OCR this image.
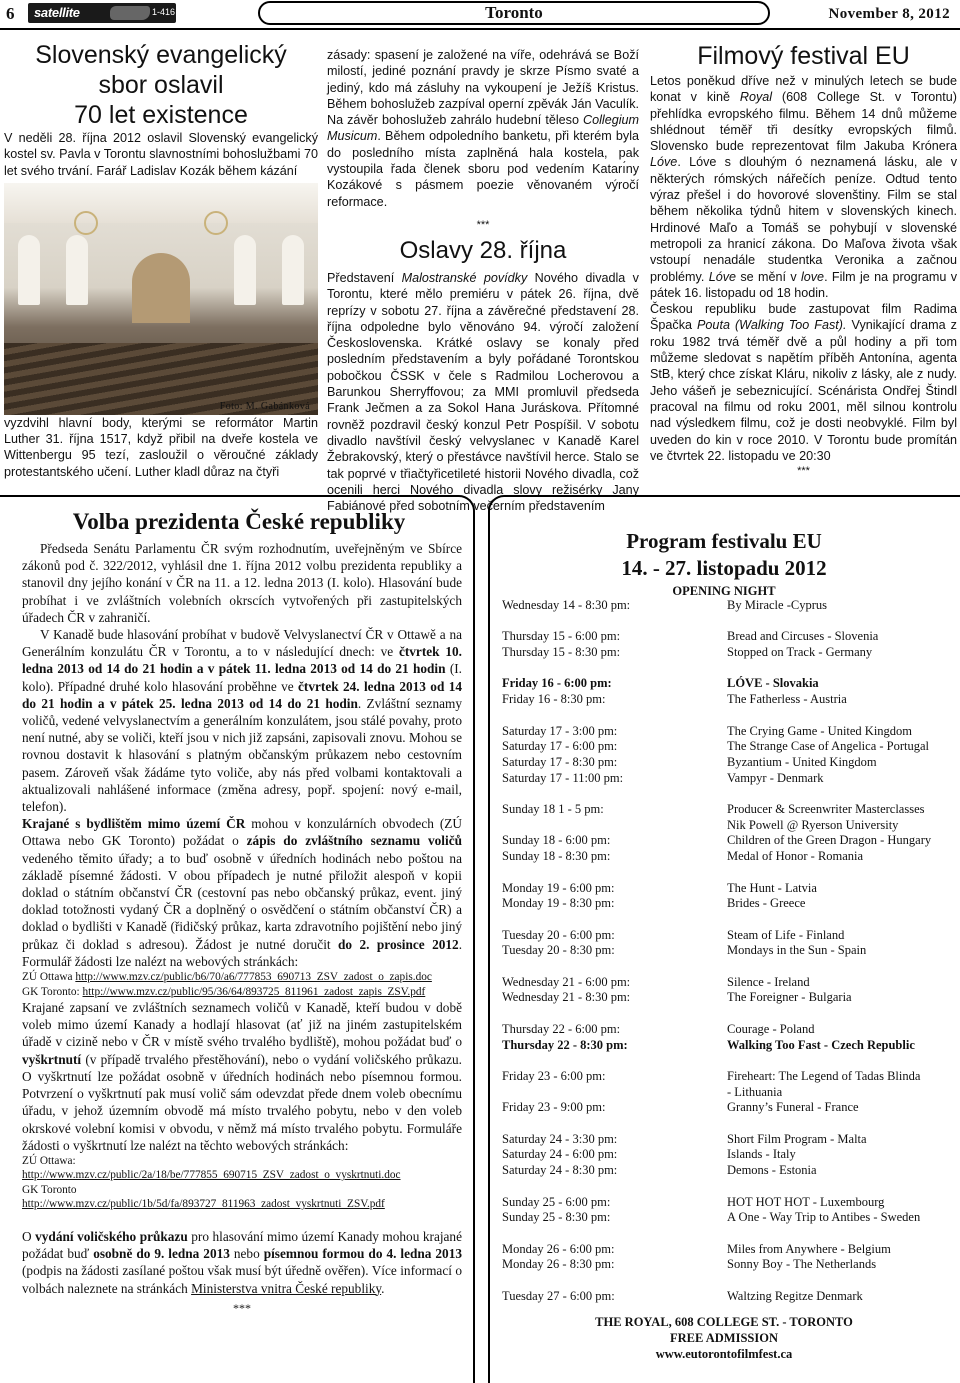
6 satellite	1-416	Toronto	November 8, 2012
Slovenský evangelický
sbor oslavil
70 let existence

V neděli 28. října 2012 oslavil Slovenský evangelický kostel sv. Pavla v Torontu slavnostními bohoslužbami 70 let svého trvání. Farář Ladislav Kozák během kázání

Foto: M. Gabánková

vyzdvihl hlavní body, kterými se reformátor Martin Luther 31. října 1517, když přibil na dveře kostela ve Wittenbergu 95 tezí, zasloužil o věroučné základy protestantského učení. Luther kladl důraz na čtyři

zásady: spasení je založené na víře, odehrává se Boží milostí, jediné poznání pravdy je skrze Písmo svaté a jediný, kdo má zásluhy na vykoupení je Ježíš Kristus. Během bohoslužeb zazpíval operní zpěvák Ján Vaculík. Na závěr bohoslužeb zahrálo hudební těleso Collegium Musicum. Během odpoledního banketu, při kterém byla do posledního místa zaplněná hala kostela, pak vystoupila řada členek sboru pod vedením Katarı́ny Kozákové s pásmem poezie věnovaném výročí reformace.

***
Oslavy 28. října

Představení Malostranské povídky Nového divadla v Torontu, které mělo premiéru v pátek 26. října, dvě reprízy v sobotu 27. října a závěrečné představení 28. října odpoledne bylo věnováno 94. výročí založení Československa. Krátké oslavy se konaly před posledním představením a byly pořádané Torontskou pobočkou ČSSK v čele s Radmilou Locherovou a Barunkou Sherryffovou; za MMI promluvil předseda Frank Ječmen a za Sokol Hana Juráskova. Přítomné rovněž pozdravil český konzul Petr Pospíšil. V sobotu divadlo navštívil český velvyslanec v Kanadě Karel Žebrakovský, který o přestávce navštívil herce. Stalo se tak poprvé v třiačtyřicetileté historii Nového divadla, což ocenili herci Nového divadla slovy režisérky Jany Fabiánové před sobotním večerním představením

Filmový festival EU

Letos poněkud dříve než v minulých letech se bude konat v kině Royal (608 College St. v Torontu) přehlídka evropského filmu. Během 14 dnů můžeme shlédnout téměř tři desítky evropských filmů. Slovensko bude reprezentovat film Jakuba Krónera Lóve. Lóve s dlouhým ó neznamená lásku, ale v některých rómských nářečích peníze. Odtud tento výraz přešel i do hovorové slovenštiny. Film se stal během několika týdnů hitem v slovenských kinech. Hrdinové Maľo a Tomáš se pohybují v slovenské metropoli za hranicí zákona. Do Maľova života však vstoupí nenadále studentka Veronika a začnou problémy. Lóve se mění v love. Film je na programu v pátek 16. listopadu od 18 hodin.

Českou republiku bude zastupovat film Radima Špačka Pouta (Walking Too Fast). Vynikající drama z roku 1982 trvá téměř dvě a půl hodiny a při tom můžeme sledovat s napětím příběh Antonína, agenta StB, který chce získat Kláru, nikoliv z lásky, ale z nudy. Jeho vášeň je sebeznicující. Scénárista Ondřej Štindl pracoval na filmu od roku 2001, měl silnou kontrolu nad výsledkem filmu, což je dosti neobvyklé. Film byl uveden do kin v roce 2010. V Torontu bude promítán ve čtvrtek 22. listopadu ve 20:30

***
Volba prezidenta České republiky

Předseda Senátu Parlamentu ČR svým rozhodnutím, uveřejněným ve Sbírce zákonů pod č. 322/2012, vyhlásil dne 1. října 2012 volbu prezidenta republiky a stanovil dny jejího konání v ČR na 11. a 12. ledna 2013 (I. kolo). Hlasování bude probíhat i ve zvláštních volebních okrscích vytvořených při zastupitelských úřadech ČR v zahraničí.

V Kanadě bude hlasování probíhat v budově Velvyslanectví ČR v Ottawě a na Generálním konzulátu ČR v Torontu, a to v následující dnech: ve čtvrtek 10. ledna 2013 od 14 do 21 hodin a v pátek 11. ledna 2013 od 14 do 21 hodin (I. kolo). Případné druhé kolo hlasování proběhne ve čtvrtek 24. ledna 2013 od 14 do 21 hodin a v pátek 25. ledna 2013 od 14 do 21 hodin. Zvláštní seznamy voličů, vedené velvyslanectvím a generálním konzulátem, jsou stálé povahy, proto není nutné, aby se voliči, kteří jsou v nich již zapsáni, zapisovali znovu. Mohou se rovnou dostavit k hlasování s platným občanským průkazem nebo cestovním pasem. Zároveň však žádáme tyto voliče, aby nás před volbami kontaktovali a aktualizovali nahlášené informace (změna adresy, popř. spojení: nový e-mail, telefon).

Krajané s bydlištěm mimo území ČR mohou v konzulárních obvodech (ZÚ Ottawa nebo GK Toronto) požádat o zápis do zvláštního seznamu voličů vedeného těmito úřady; a to buď osobně v úředních hodinách nebo poštou na základě písemné žádosti. V obou případech je nutné přiložit alespoň v kopii doklad o státním občanství ČR (cestovní pas nebo občanský průkaz, event. jiný doklad totožnosti vydaný ČR a doplněný o osvědčení o státním občanství ČR) a doklad o bydlišti v Kanadě (řidičský průkaz, karta zdravotního pojištění nebo jiný průkaz či doklad s adresou). Žádost je nutné doručit do 2. prosince 2012. Formulář žádosti lze nalézt na webových stránkách:

ZÚ Ottawa http://www.mzv.cz/public/b6/70/a6/777853_690713_ZSV_zadost_o_zapis.doc

GK Toronto: http://www.mzv.cz/public/95/36/64/893725_811961_zadost_zapis_ZSV.pdf

Krajané zapsaní ve zvláštních seznamech voličů v Kanadě, kteří budou v době voleb mimo území Kanady a hodlají hlasovat (ať již na jiném zastupitelském úřadě v cizině nebo v ČR v místě svého trvalého bydliště), mohou požádat buď o vyškrtnutí (v případě trvalého přestěhování), nebo o vydání voličského průkazu. O vyškrtnutí lze požádat osobně v úředních hodinách nebo písemnou formou. Potvrzení o vyškrtnutí pak musí volič sám odevzdat přede dnem voleb obecnímu úřadu, v jehož územním obvodě má místo trvalého pobytu, nebo v den voleb okrskové volební komisi v obvodu, v němž má místo trvalého pobytu. Formuláře žádosti o vyškrtnutí lze nalézt na těchto webových stránkách:

ZÚ Ottawa:

http://www.mzv.cz/public/2a/18/be/777855_690715_ZSV_zadost_o_vyskrtnuti.doc

GK Toronto

http://www.mzv.cz/public/1b/5d/fa/893727_811963_zadost_vyskrtnuti_ZSV.pdf

O vydání voličského průkazu pro hlasování mimo území Kanady mohou krajané požádat buď osobně do 9. ledna 2013 nebo písemnou formou do 4. ledna 2013 (podpis na žádosti zasílané poštou však musí být úředně ověřen). Více informací o volbách naleznete na stránkách Ministerstva vnitra České republiky.

***
Program festivalu EU
14. - 27. listopadu 2012
OPENING NIGHT
Wednesday 14 - 8:30 pm:	By Miracle -Cyprus
Thursday 15 - 6:00 pm:	Bread and Circuses - Slovenia
Thursday 15 - 8:30 pm:	Stopped on Track - Germany
Friday 16 - 6:00 pm:	LÓVE - Slovakia
Friday 16 - 8:30 pm:	The Fatherless - Austria
Saturday 17 - 3:00 pm:	The Crying Game - United Kingdom
Saturday 17 - 6:00 pm:	The Strange Case of Angelica - Portugal
Saturday 17 - 8:30 pm:	Byzantium - United Kingdom
Saturday 17 - 11:00 pm:	Vampyr - Denmark
Sunday 18 1 - 5 pm:	Producer & Screenwriter Masterclasses
Nik Powell @ Ryerson University
Sunday 18 - 6:00 pm:	Children of the Green Dragon - Hungary
Sunday 18 - 8:30 pm:	Medal of Honor - Romania
Monday 19 - 6:00 pm:	The Hunt - Latvia
Monday 19 - 8:30 pm:	Brides - Greece
Tuesday 20 - 6:00 pm:	Steam of Life - Finland
Tuesday 20 - 8:30 pm:	Mondays in the Sun - Spain
Wednesday 21 - 6:00 pm:	Silence - Ireland
Wednesday 21 - 8:30 pm:	The Foreigner - Bulgaria
Thursday 22 - 6:00 pm:	Courage - Poland
Thursday 22 - 8:30 pm:	Walking Too Fast - Czech Republic
Friday 23 - 6:00 pm:	Fireheart: The Legend of Tadas Blinda
- Lithuania
Friday 23 - 9:00 pm:	Granny’s Funeral - France
Saturday 24 - 3:30 pm:	Short Film Program - Malta
Saturday 24 - 6:00 pm:	Islands - Italy
Saturday 24 - 8:30 pm:	Demons - Estonia
Sunday 25 - 6:00 pm:	HOT HOT HOT - Luxembourg
Sunday 25 - 8:30 pm:	A One - Way Trip to Antibes - Sweden
Monday 26 - 6:00 pm:	Miles from Anywhere - Belgium
Monday 26 - 8:30 pm:	Sonny Boy - The Netherlands
Tuesday 27 - 6:00 pm:	Waltzing Regitze Denmark
THE ROYAL, 608 COLLEGE ST. - TORONTO
FREE ADMISSION
www.eutorontofilmfest.ca
